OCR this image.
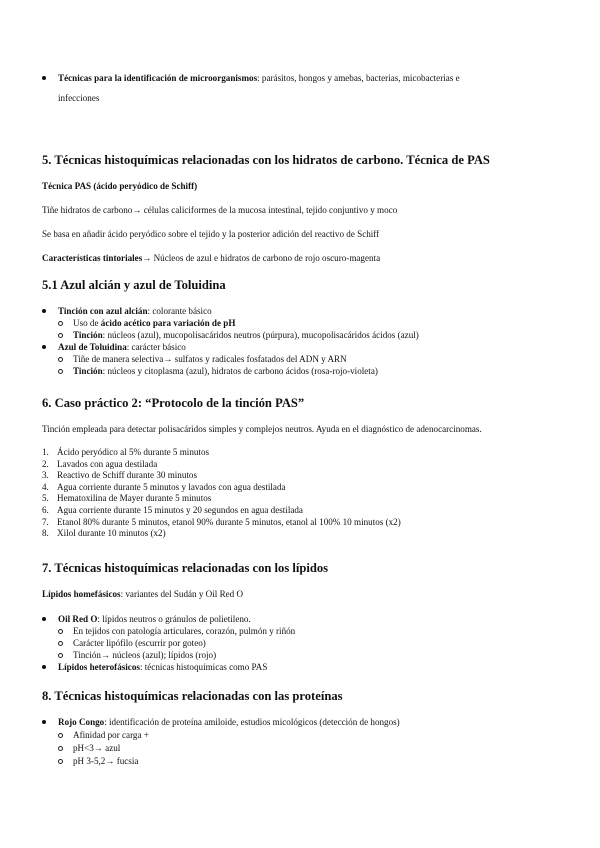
Técnicas para la identificación de microorganismos: parásitos, hongos y amebas, bacterias, micobacterias e
infecciones
5. Técnicas histoquímicas relacionadas con los hidratos de carbono. Técnica de PAS
Técnica PAS (ácido peryódico de Schiff)
Tiñe hidratos de carbono→ células caliciformes de la mucosa intestinal, tejido conjuntivo y moco
Se basa en añadir ácido peryódico sobre el tejido y la posterior adición del reactivo de Schiff
Características tintoriales→ Núcleos de azul e hidratos de carbono de rojo oscuro-magenta
5.1 Azul alcián y azul de Toluidina
Tinción con azul alcián: colorante básico
Uso de ácido acético para variación de pH
Tinción: núcleos (azul), mucopolisacáridos neutros (púrpura), mucopolisacáridos ácidos (azul)
Azul de Toluidina: carácter básico
Tiñe de manera selectiva→ sulfatos y radicales fosfatados del ADN y ARN
Tinción: núcleos y citoplasma (azul), hidratos de carbono ácidos (rosa-rojo-violeta)
6. Caso práctico 2: “Protocolo de la tinción PAS”
Tinción empleada para detectar polisacáridos simples y complejos neutros. Ayuda en el diagnóstico de adenocarcinomas.
1. Ácido peryódico al 5% durante 5 minutos
2. Lavados con agua destilada
3. Reactivo de Schiff durante 30 minutos
4. Agua corriente durante 5 minutos y lavados con agua destilada
5. Hematoxilina de Mayer durante 5 minutos
6. Agua corriente durante 15 minutos y 20 segundos en agua destilada
7. Etanol 80% durante 5 minutos, etanol 90% durante 5 minutos, etanol al 100% 10 minutos (x2)
8. Xilol durante 10 minutos (x2)
7. Técnicas histoquímicas relacionadas con los lípidos
Lípidos homefásicos: variantes del Sudán y Oil Red O
Oil Red O: lípidos neutros o gránulos de polietileno.
En tejidos con patología articulares, corazón, pulmón y riñón
Carácter lipófilo (escurrir por goteo)
Tinción→ núcleos (azul); lípidos (rojo)
Lípidos heterofásicos: técnicas histoquímicas como PAS
8. Técnicas histoquímicas relacionadas con las proteínas
Rojo Congo: identificación de proteína amiloide, estudios micológicos (detección de hongos)
Afinidad por carga +
pH<3→ azul
pH 3-5,2→ fucsia
